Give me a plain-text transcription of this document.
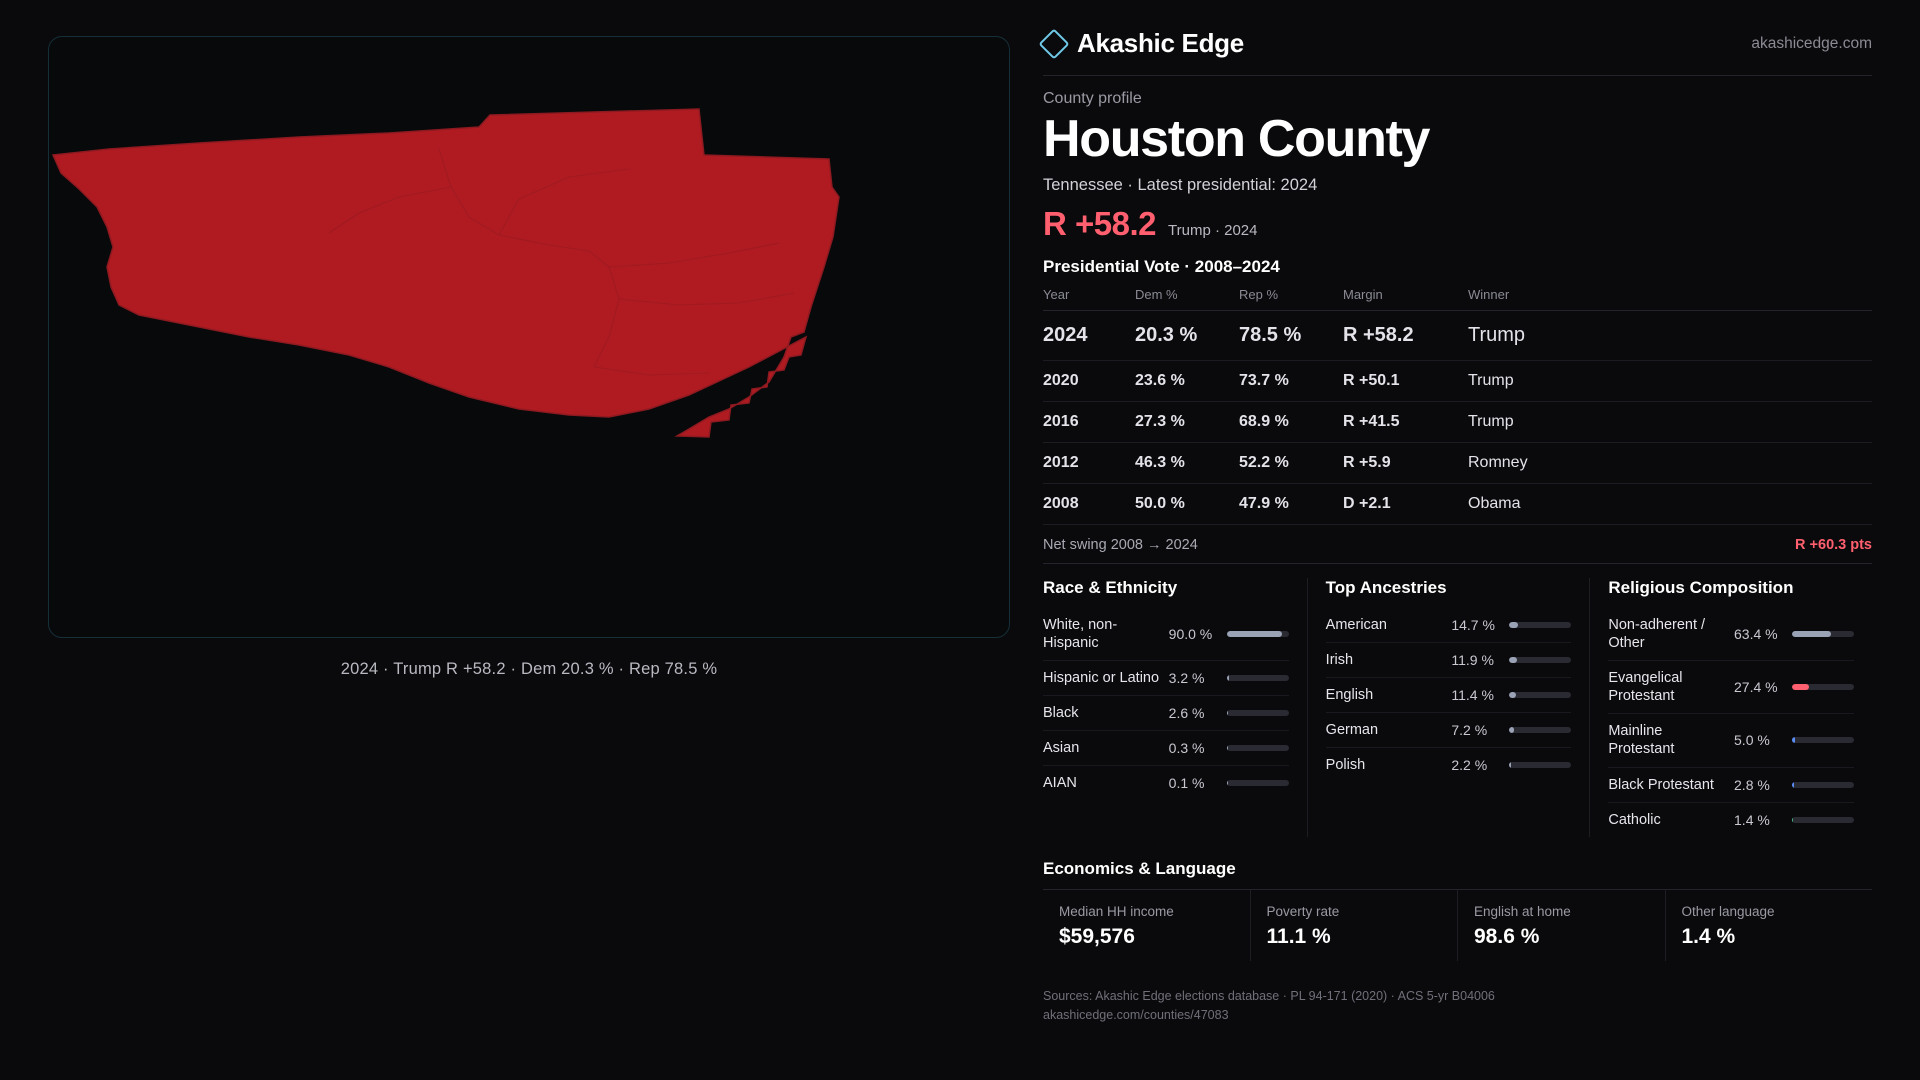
2024 · Trump R +58.2 · Dem 20.3 % · Rep 78.5 %
Akashic Edge	akashicedge.com
County profile
Houston County
Tennessee · Latest presidential: 2024
R +58.2 Trump · 2024
Presidential Vote · 2008–2024
Year	Dem %	Rep %	Margin	Winner
2024	20.3 %	78.5 %	R +58.2	Trump
2020	23.6 %	73.7 %	R +50.1	Trump
2016	27.3 %	68.9 %	R +41.5	Trump
2012	46.3 %	52.2 %	R +5.9	Romney
2008	50.0 %	47.9 %	D +2.1	Obama
Net swing 2008 → 2024	R +60.3 pts
Race & Ethnicity
White, non-Hispanic
90.0 %
Hispanic or Latino 3.2 %
Black	2.6 %
Asian	0.3 %
AIAN	0.1 %
Top Ancestries
American	14.7 %
Irish	11.9 %
English	11.4 %
German	7.2 %
Polish	2.2 %
Religious Composition
Non-adherent / Other
63.4 %
Evangelical Protestant
27.4 %
Mainline Protestant
5.0 %
Black Protestant	2.8 %
Catholic	1.4 %
Economics & Language
Median HH income
$59,576
Poverty rate
11.1 %
English at home
98.6 %
Other language
1.4 %
Sources: Akashic Edge elections database · PL 94-171 (2020) · ACS 5-yr B04006
akashicedge.com/counties/47083
